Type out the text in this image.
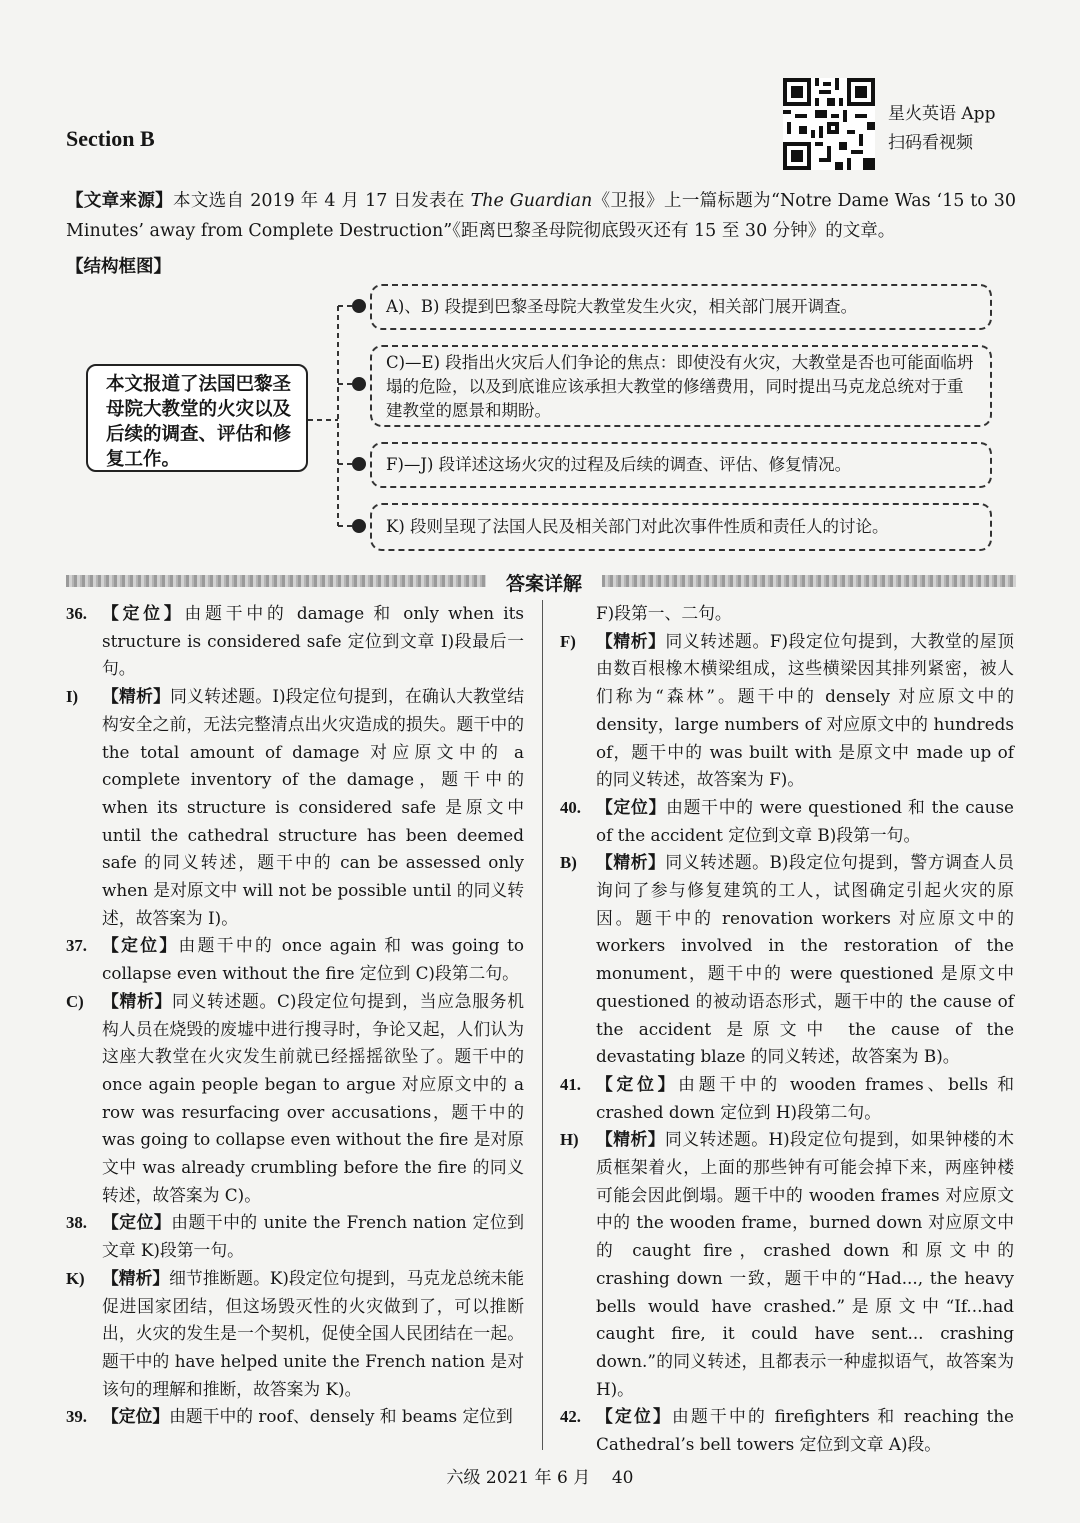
Section B
星火英语 App
扫码看视频
【文章来源】本文选自 2019 年 4 月 17 日发表在 The Guardian《卫报》上一篇标题为“Notre Dame Was ‘15 to 30 Minutes’ away from Complete Destruction”《距离巴黎圣母院彻底毁灭还有 15 至 30 分钟》的文章。
【结构框图】
本文报道了法国巴黎圣母院大教堂的火灾以及后续的调查、评估和修复工作。
A)、B) 段提到巴黎圣母院大教堂发生火灾，相关部门展开调查。
C)—E) 段指出火灾后人们争论的焦点：即使没有火灾，大教堂是否也可能面临坍塌的危险，以及到底谁应该承担大教堂的修缮费用，同时提出马克龙总统对于重建教堂的愿景和期盼。
F)—J) 段详述这场火灾的过程及后续的调查、评估、修复情况。
K) 段则呈现了法国人民及相关部门对此次事件性质和责任人的讨论。
答案详解
36. 【定位】由题干中的 damage 和 only when its structure is considered safe 定位到文章 I)段最后一句。
I) 【精析】同义转述题。I)段定位句提到，在确认大教堂结构安全之前，无法完整清点出火灾造成的损失。题干中的 the total amount of damage 对应原文中的 a complete inventory of the damage，题干中的 when its structure is considered safe 是原文中 until the cathedral structure has been deemed safe 的同义转述，题干中的 can be assessed only when 是对原文中 will not be possible until 的同义转述，故答案为 I)。
37. 【定位】由题干中的 once again 和 was going to collapse even without the fire 定位到 C)段第二句。
C) 【精析】同义转述题。C)段定位句提到，当应急服务机构人员在烧毁的废墟中进行搜寻时，争论又起，人们认为这座大教堂在火灾发生前就已经摇摇欲坠了。题干中的 once again people began to argue 对应原文中的 a row was resurfacing over accusations，题干中的 was going to collapse even without the fire 是对原文中 was already crumbling before the fire 的同义转述，故答案为 C)。
38. 【定位】由题干中的 unite the French nation 定位到文章 K)段第一句。
K) 【精析】细节推断题。K)段定位句提到，马克龙总统未能促进国家团结，但这场毁灭性的火灾做到了，可以推断出，火灾的发生是一个契机，促使全国人民团结在一起。题干中的 have helped unite the French nation 是对该句的理解和推断，故答案为 K)。
39. 【定位】由题干中的 roof、densely 和 beams 定位到
F)段第一、二句。
F) 【精析】同义转述题。F)段定位句提到，大教堂的屋顶由数百根橡木横梁组成，这些横梁因其排列紧密，被人们称为“森林”。题干中的 densely 对应原文中的 density，large numbers of 对应原文中的 hundreds of，题干中的 was built with 是原文中 made up of 的同义转述，故答案为 F)。
40. 【定位】由题干中的 were questioned 和 the cause of the accident 定位到文章 B)段第一句。
B) 【精析】同义转述题。B)段定位句提到，警方调查人员询问了参与修复建筑的工人，试图确定引起火灾的原因。题干中的 renovation workers 对应原文中的 workers involved in the restoration of the monument，题干中的 were questioned 是原文中 questioned 的被动语态形式，题干中的 the cause of the accident 是原文中 the cause of the devastating blaze 的同义转述，故答案为 B)。
41. 【定位】由题干中的 wooden frames、bells 和 crashed down 定位到 H)段第二句。
H) 【精析】同义转述题。H)段定位句提到，如果钟楼的木质框架着火，上面的那些钟有可能会掉下来，两座钟楼可能会因此倒塌。题干中的 wooden frames 对应原文中的 the wooden frame，burned down 对应原文中的 caught fire，crashed down 和原文中的 crashing down 一致，题干中的“Had..., the heavy bells would have crashed.”是原文中“If...had caught fire, it could have sent... crashing down.”的同义转述，且都表示一种虚拟语气，故答案为 H)。
42. 【定位】由题干中的 firefighters 和 reaching the Cathedral’s bell towers 定位到文章 A)段。
六级 2021 年 6 月 40
